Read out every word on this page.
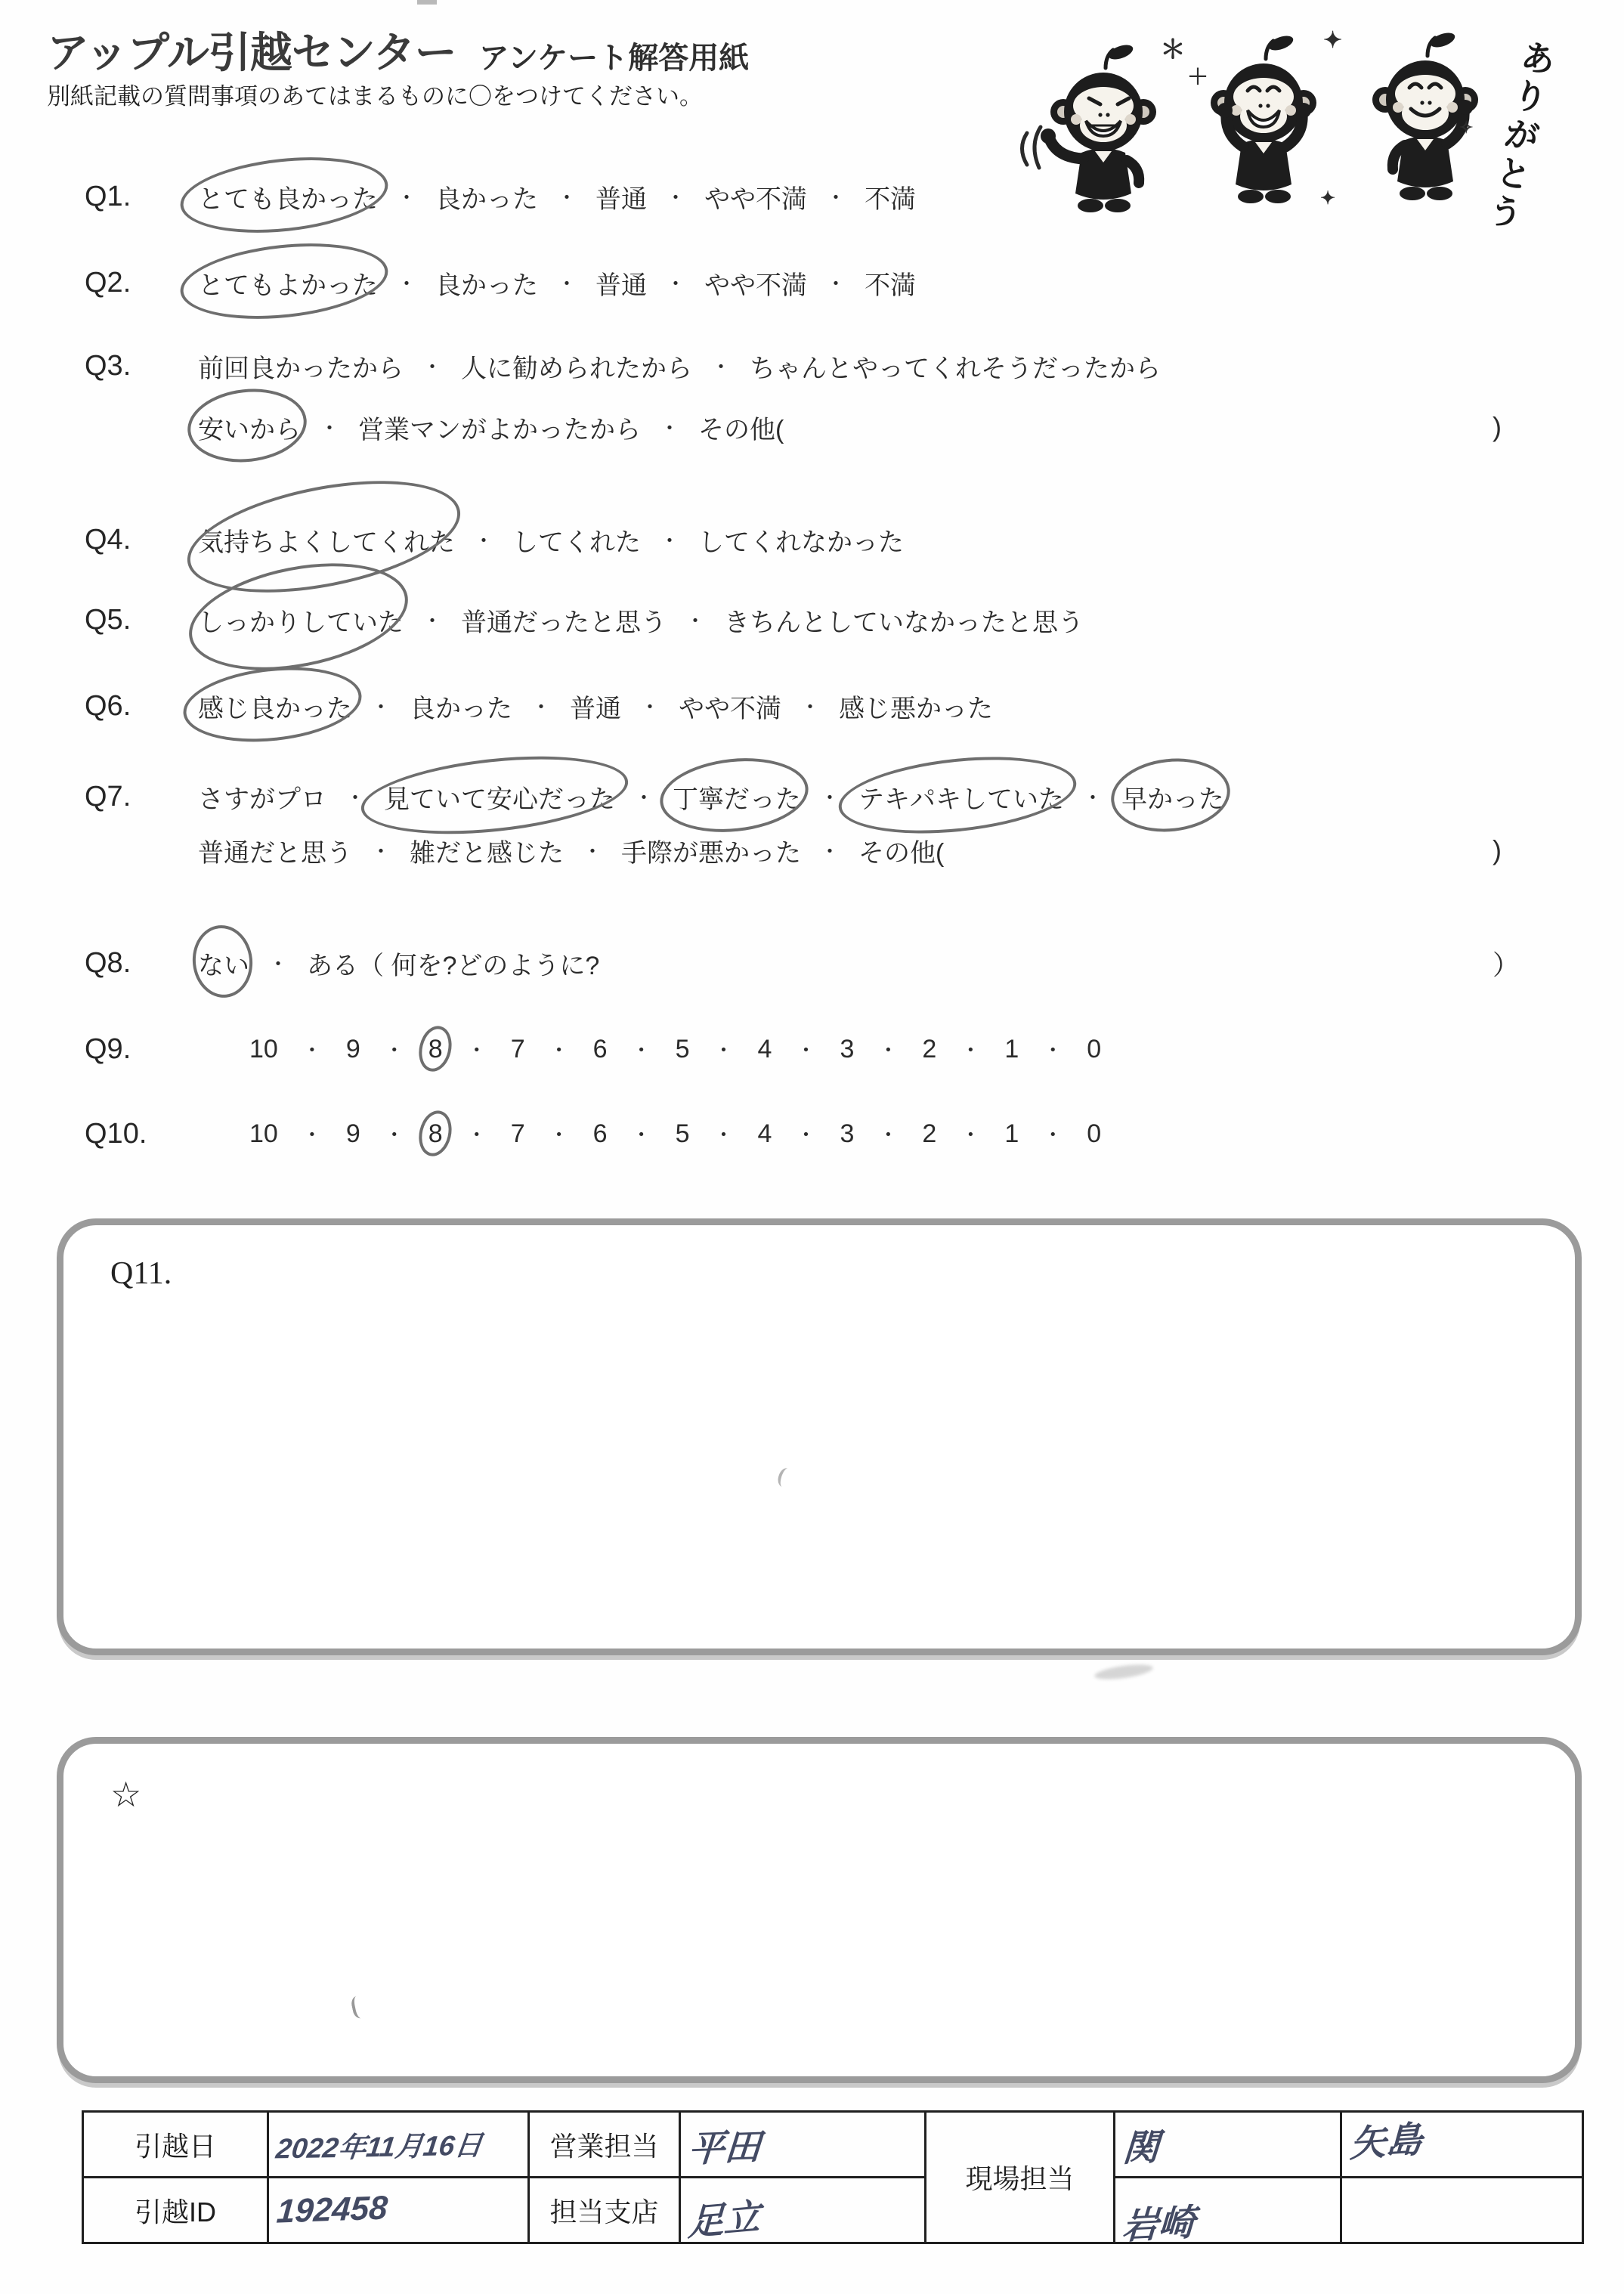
アップル引越センター アンケート解答用紙
別紙記載の質問事項のあてはまるものに〇をつけてください。
＊
＋
✦
✧
✦	ありがとう
Q1.	とても良かった ・ 良かった ・ 普通 ・ やや不満 ・ 不満
Q2.	とてもよかった ・ 良かった ・ 普通 ・ やや不満 ・ 不満
Q3.	前回良かったから ・ 人に勧められたから ・ ちゃんとやってくれそうだったから
安いから ・ 営業マンがよかったから ・ その他(	)
Q4.	気持ちよくしてくれた ・ してくれた ・ してくれなかった
Q5.	しっかりしていた ・ 普通だったと思う ・ きちんとしていなかったと思う
Q6.	感じ良かった ・ 良かった ・ 普通 ・ やや不満 ・ 感じ悪かった
Q7.	さすがプロ ・ 見ていて安心だった ・ 丁寧だった ・ テキパキしていた ・ 早かった
普通だと思う ・ 雑だと感じた ・ 手際が悪かった ・ その他(	)
Q8.	ない ・ ある（ 何を?どのように?	）
Q9.	10 ・ 9 ・ 8 ・ 7 ・ 6 ・ 5 ・ 4 ・ 3 ・ 2 ・ 1 ・ 0
Q10.	10 ・ 9 ・ 8 ・ 7 ・ 6 ・ 5 ・ 4 ・ 3 ・ 2 ・ 1 ・ 0
Q11.
☆
引越日	2022年11月16日	営業担当	平田	現場担当	関	矢島
引越ID	192458	担当支店	足立		岩崎	
